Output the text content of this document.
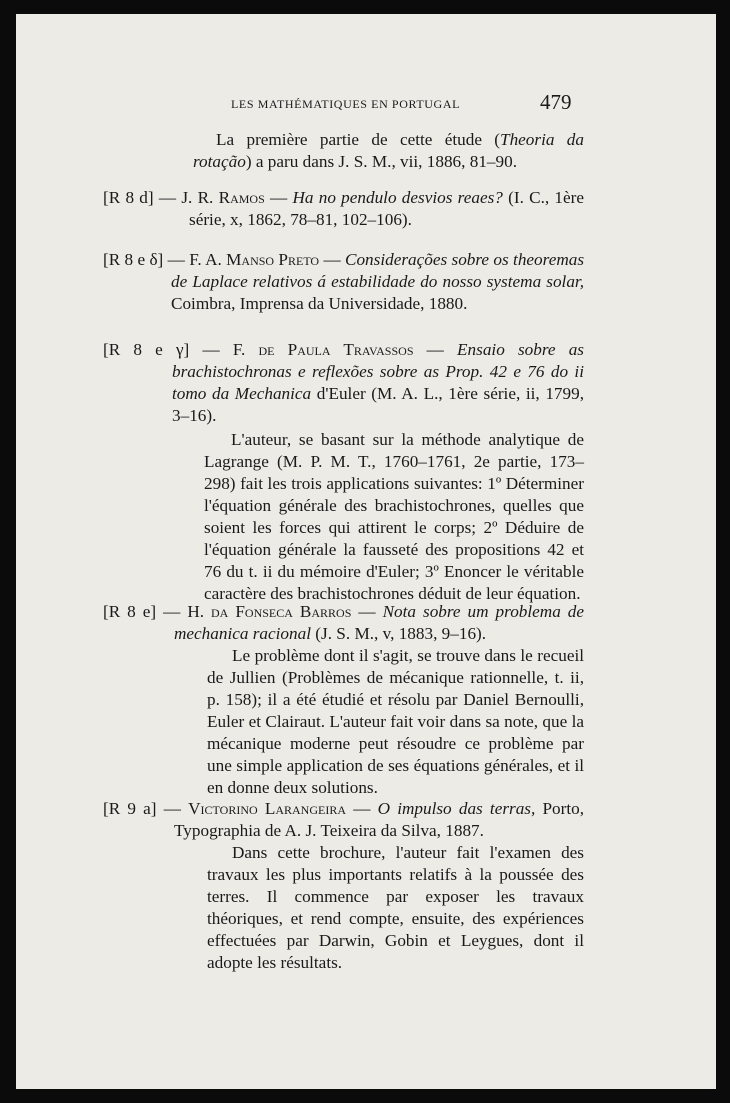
LES MATHÉMATIQUES EN PORTUGAL	479
La première partie de cette étude (Theoria da rotação) a paru dans J. S. M., vii, 1886, 81–90.

[R 8 d] — J. R. Ramos — Ha no pendulo desvios reaes? (I. C., 1ère série, x, 1862, 78–81, 102–106).

[R 8 e δ] — F. A. Manso Preto — Considerações sobre os theoremas de Laplace relativos á estabilidade do nosso systema solar, Coimbra, Imprensa da Universidade, 1880.

[R 8 e γ] — F. de Paula Travassos — Ensaio sobre as brachistochronas e reflexões sobre as Prop. 42 e 76 do ii tomo da Mechanica d'Euler (M. A. L., 1ère série, ii, 1799, 3–16).

L'auteur, se basant sur la méthode analytique de Lagrange (M. P. M. T., 1760–1761, 2e partie, 173–298) fait les trois applications suivantes: 1º Déterminer l'équation générale des brachistochrones, quelles que soient les forces qui attirent le corps; 2º Déduire de l'équation générale la fausseté des propositions 42 et 76 du t. ii du mémoire d'Euler; 3º Enoncer le véritable caractère des brachistochrones déduit de leur équation.

[R 8 e] — H. da Fonseca Barros — Nota sobre um problema de mechanica racional (J. S. M., v, 1883, 9–16).

Le problème dont il s'agit, se trouve dans le recueil de Jullien (Problèmes de mécanique rationnelle, t. ii, p. 158); il a été étudié et résolu par Daniel Bernoulli, Euler et Clairaut. L'auteur fait voir dans sa note, que la mécanique moderne peut résoudre ce problème par une simple application de ses équations générales, et il en donne deux solutions.

[R 9 a] — Victorino Larangeira — O impulso das terras, Porto, Typographia de A. J. Teixeira da Silva, 1887.

Dans cette brochure, l'auteur fait l'examen des travaux les plus importants relatifs à la poussée des terres. Il commence par exposer les travaux théoriques, et rend compte, ensuite, des expériences effectuées par Darwin, Gobin et Leygues, dont il adopte les résultats.
